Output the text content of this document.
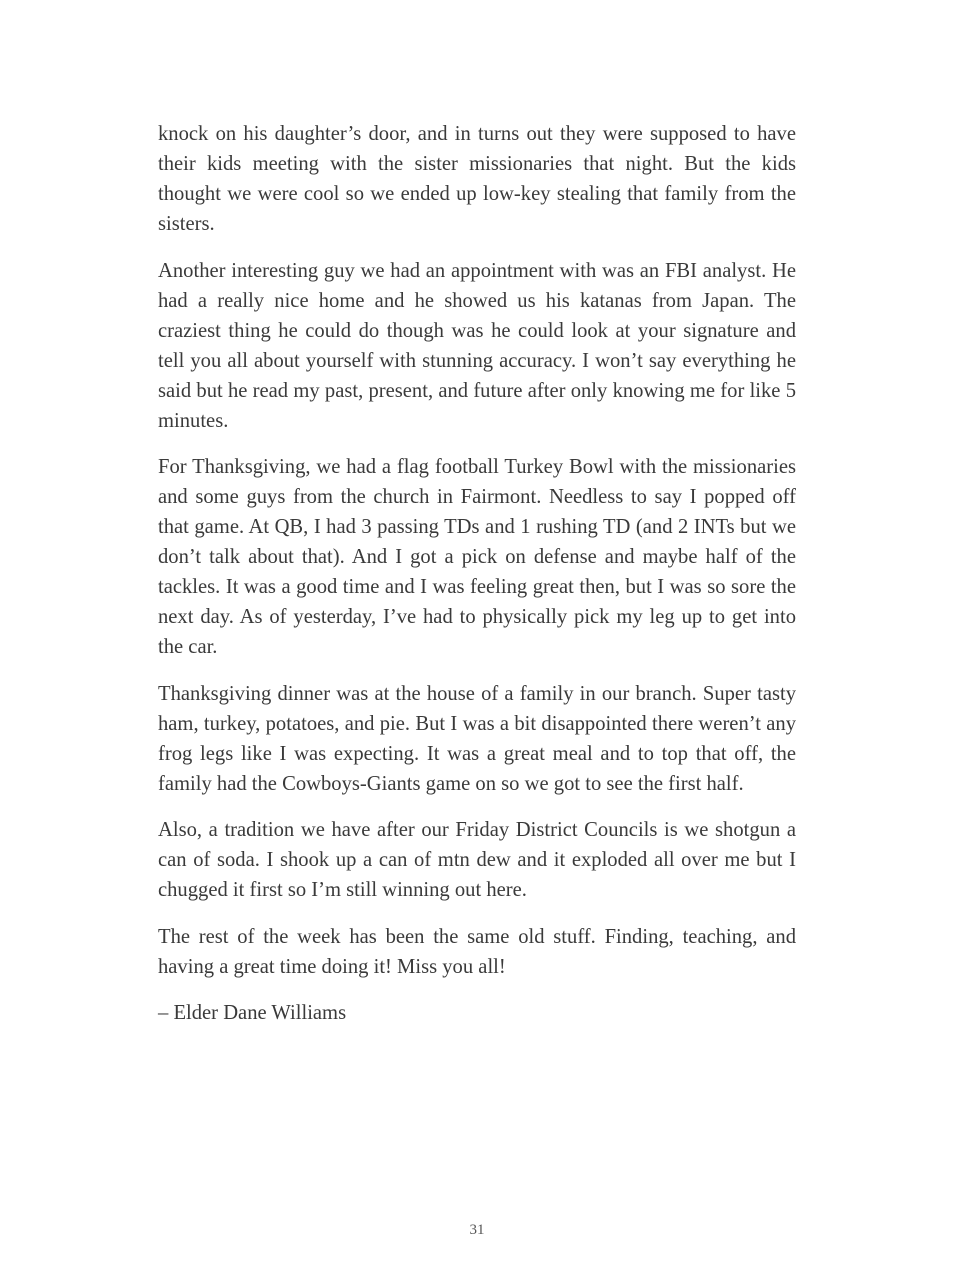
knock on his daughter’s door, and in turns out they were supposed to have their kids meeting with the sister missionaries that night. But the kids thought we were cool so we ended up low-key stealing that family from the sisters.

Another interesting guy we had an appointment with was an FBI analyst. He had a really nice home and he showed us his katanas from Japan. The craziest thing he could do though was he could look at your signature and tell you all about yourself with stunning accuracy. I won’t say everything he said but he read my past, present, and future after only knowing me for like 5 minutes.

For Thanksgiving, we had a flag football Turkey Bowl with the missionaries and some guys from the church in Fairmont. Needless to say I popped off that game. At QB, I had 3 passing TDs and 1 rushing TD (and 2 INTs but we don’t talk about that). And I got a pick on defense and maybe half of the tackles. It was a good time and I was feeling great then, but I was so sore the next day. As of yesterday, I’ve had to physically pick my leg up to get into the car.

Thanksgiving dinner was at the house of a family in our branch. Super tasty ham, turkey, potatoes, and pie. But I was a bit disappointed there weren’t any frog legs like I was expecting. It was a great meal and to top that off, the family had the Cowboys-Giants game on so we got to see the first half.

Also, a tradition we have after our Friday District Councils is we shotgun a can of soda. I shook up a can of mtn dew and it exploded all over me but I chugged it first so I’m still winning out here.

The rest of the week has been the same old stuff. Finding, teaching, and having a great time doing it! Miss you all!

– Elder Dane Williams

31
